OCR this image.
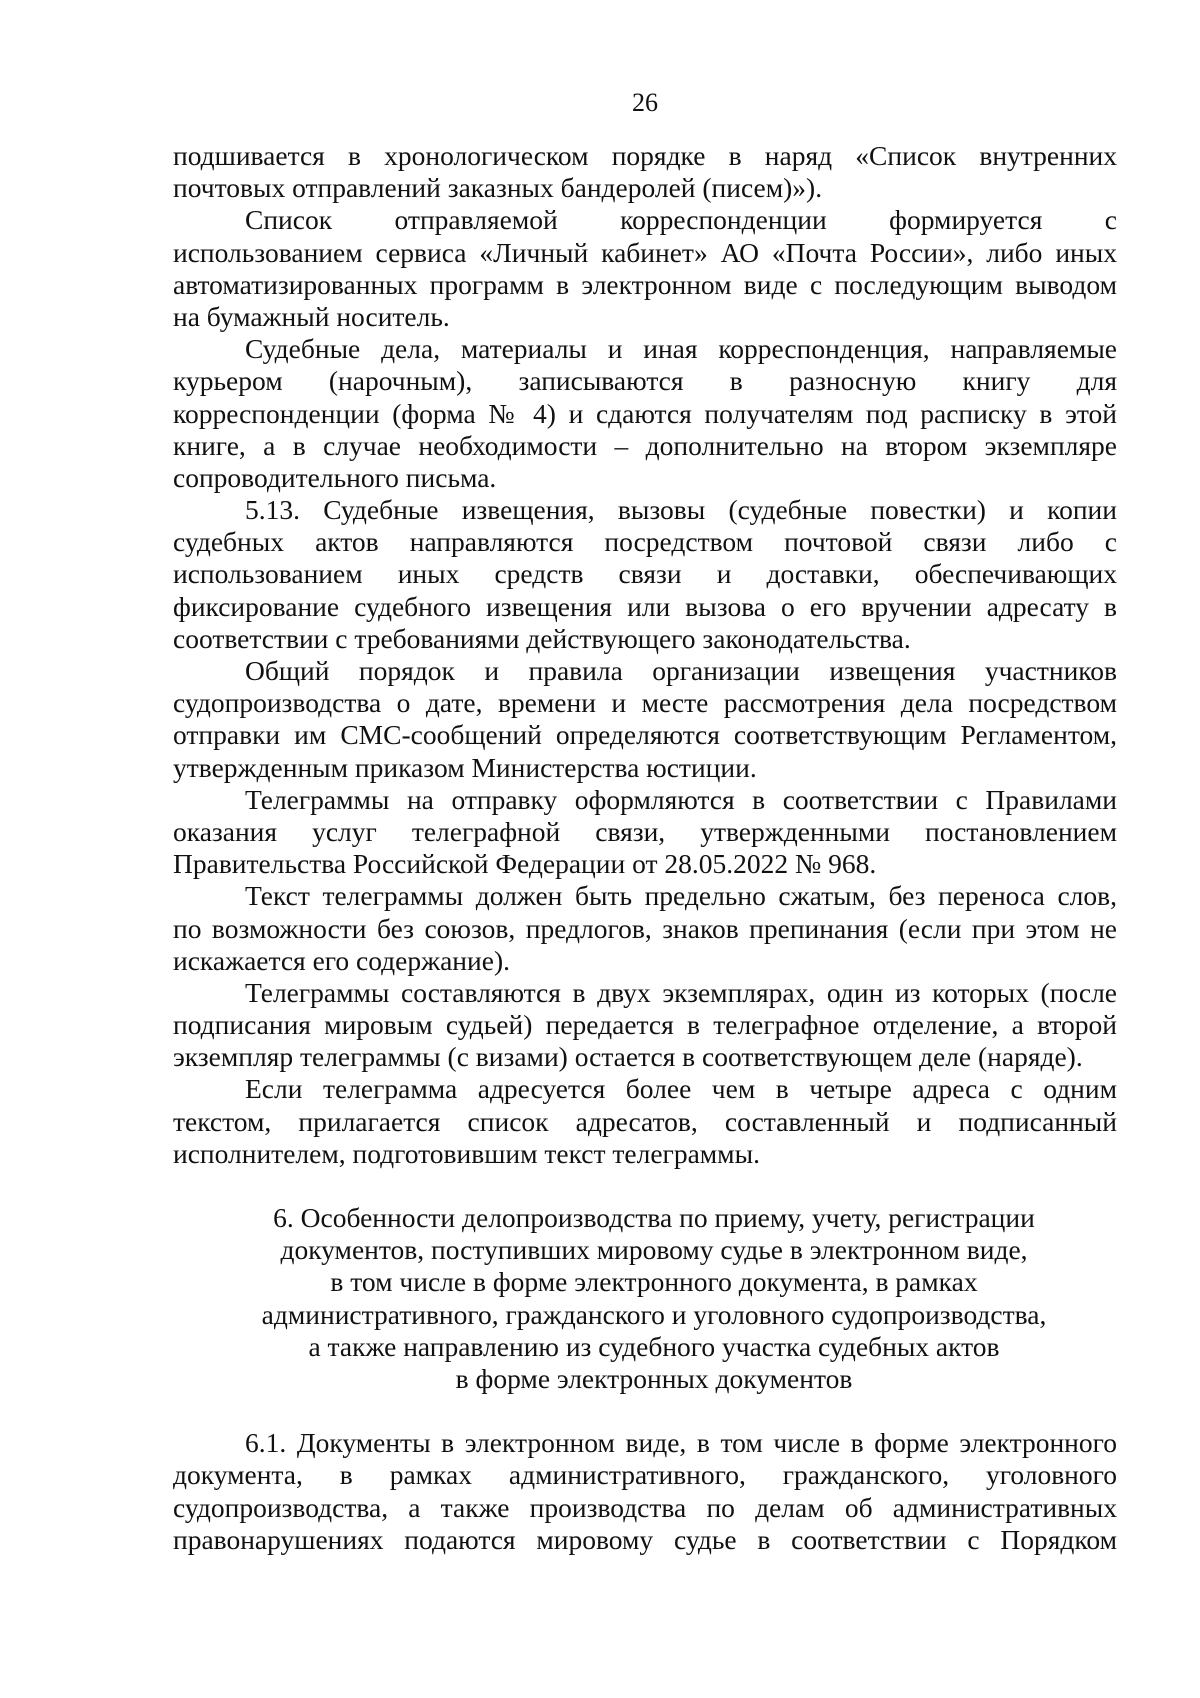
26
подшивается в хронологическом порядке в наряд «Список внутренних
почтовых отправлений заказных бандеролей (писем)»).
Список отправляемой корреспонденции формируется с
использованием сервиса «Личный кабинет» АО «Почта России», либо иных
автоматизированных программ в электронном виде с последующим выводом
на бумажный носитель.
Судебные дела, материалы и иная корреспонденция, направляемые
курьером (нарочным), записываются в разносную книгу для
корреспонденции (форма № 4) и сдаются получателям под расписку в этой
книге, а в случае необходимости – дополнительно на втором экземпляре
сопроводительного письма.
5.13. Судебные извещения, вызовы (судебные повестки) и копии
судебных актов направляются посредством почтовой связи либо с
использованием иных средств связи и доставки, обеспечивающих
фиксирование судебного извещения или вызова о его вручении адресату в
соответствии с требованиями действующего законодательства.
Общий порядок и правила организации извещения участников
судопроизводства о дате, времени и месте рассмотрения дела посредством
отправки им СМС-сообщений определяются соответствующим Регламентом,
утвержденным приказом Министерства юстиции.
Телеграммы на отправку оформляются в соответствии с Правилами
оказания услуг телеграфной связи, утвержденными постановлением
Правительства Российской Федерации от 28.05.2022 № 968.
Текст телеграммы должен быть предельно сжатым, без переноса слов,
по возможности без союзов, предлогов, знаков препинания (если при этом не
искажается его содержание).
Телеграммы составляются в двух экземплярах, один из которых (после
подписания мировым судьей) передается в телеграфное отделение, а второй
экземпляр телеграммы (с визами) остается в соответствующем деле (наряде).
Если телеграмма адресуется более чем в четыре адреса с одним
текстом, прилагается список адресатов, составленный и подписанный
исполнителем, подготовившим текст телеграммы.
6. Особенности делопроизводства по приему, учету, регистрации
документов, поступивших мировому судье в электронном виде,
в том числе в форме электронного документа, в рамках
административного, гражданского и уголовного судопроизводства,
а также направлению из судебного участка судебных актов
в форме электронных документов
6.1. Документы в электронном виде, в том числе в форме электронного
документа, в рамках административного, гражданского, уголовного
судопроизводства, а также производства по делам об административных
правонарушениях подаются мировому судье в соответствии с Порядком
